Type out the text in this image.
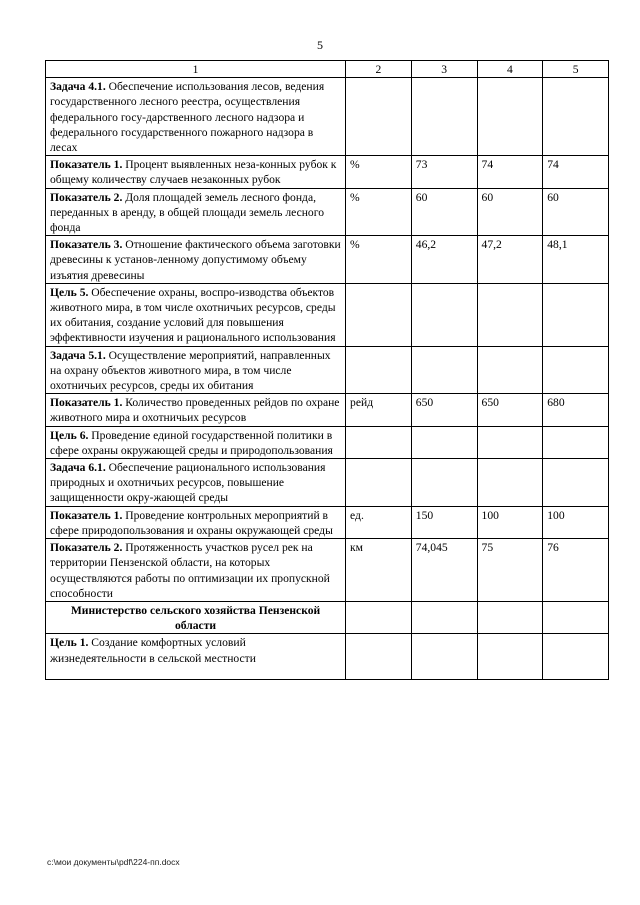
5
1	2	3	4	5
Задача 4.1. Обеспечение использования лесов, ведения государственного лесного реестра, осуществления федерального госу-дарственного лесного надзора и федерального государственного пожарного надзора в лесах				
Показатель 1. Процент выявленных неза-конных рубок к общему количеству случаев незаконных рубок	%	73	74	74
Показатель 2. Доля площадей земель лесного фонда, переданных в аренду, в общей площади земель лесного фонда	%	60	60	60
Показатель 3. Отношение фактического объема заготовки древесины к установ-ленному допустимому объему изъятия древесины	%	46,2	47,2	48,1
Цель 5. Обеспечение охраны, воспро-изводства объектов животного мира, в том числе охотничьих ресурсов, среды их обитания, создание условий для повышения эффективности изучения и рационального использования				
Задача 5.1. Осуществление мероприятий, направленных на охрану объектов животного мира, в том числе охотничьих ресурсов, среды их обитания				
Показатель 1. Количество проведенных рейдов по охране животного мира и охотничьих ресурсов	рейд	650	650	680
Цель 6. Проведение единой государственной политики в сфере охраны окружающей среды и природопользования				
Задача 6.1. Обеспечение рационального использования природных и охотничьих ресурсов, повышение защищенности окру-жающей среды				
Показатель 1. Проведение контрольных мероприятий в сфере природопользования и охраны окружающей среды	ед.	150	100	100
Показатель 2. Протяженность участков русел рек на территории Пензенской области, на которых осуществляются работы по оптимизации их пропускной способности	км	74,045	75	76
Министерство сельского хозяйства Пензенской области				
Цель 1. Создание комфортных условий жизнедеятельности в сельской местности				
c:\мои документы\pdf\224-пп.docx
